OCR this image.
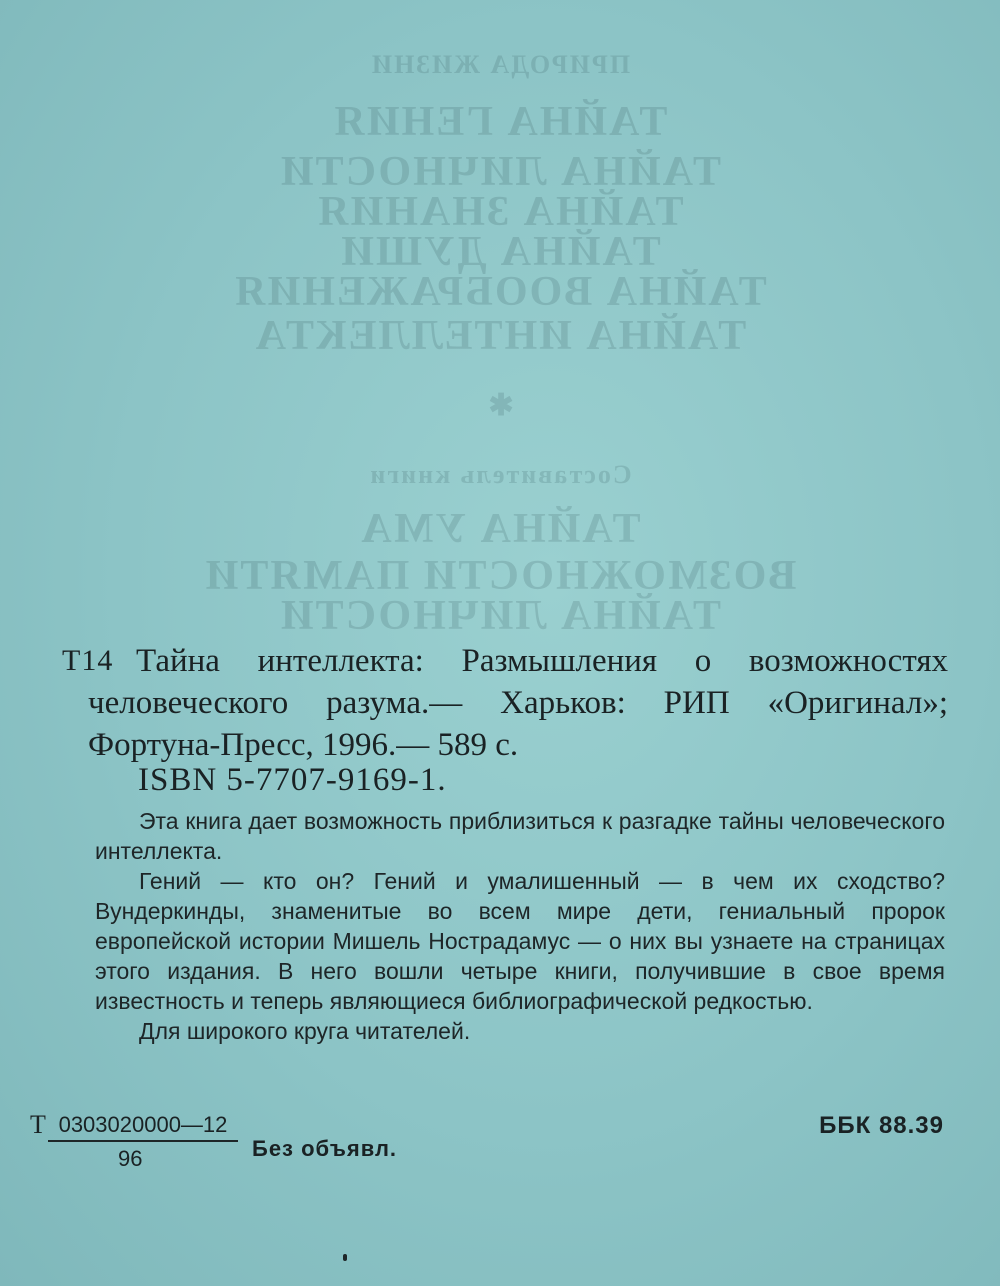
ПРИРОДА ЖИЗНИ
ТАЙНА ГЕНИЯ
ТАЙНА ЛИЧНОСТИ
ТАЙНА ЗНАНИЯ
ТАЙНА ДУШИ
ТАЙНА ВООБРАЖЕНИЯ
ТАЙНА ИНТЕЛЛЕКТА
✱
Составитель книги
ТАЙНА УМА
ВОЗМОЖНОСТИ ПАМЯТИ
ТАЙНА ЛИЧНОСТИ
Т14 Тайна интеллекта: Размышления о возможностях человеческого разума.— Харьков: РИП «Оригинал»; Фортуна-Пресс, 1996.— 589 с.
ISBN 5-7707-9169-1.

Эта книга дает возможность приблизиться к разгадке тайны человеческого интеллекта.

Гений — кто он? Гений и умалишенный — в чем их сходство? Вундеркинды, знаменитые во всем мире дети, гениальный пророк европейской истории Мишель Нострадамус — о них вы узнаете на страницах этого издания. В него вошли четыре книги, получившие в свое время известность и теперь являющиеся библиографической редкостью.

Для широкого круга читателей.

Т $\frac{0303020000—12}{96}$ Без объявл.
ББК 88.39
